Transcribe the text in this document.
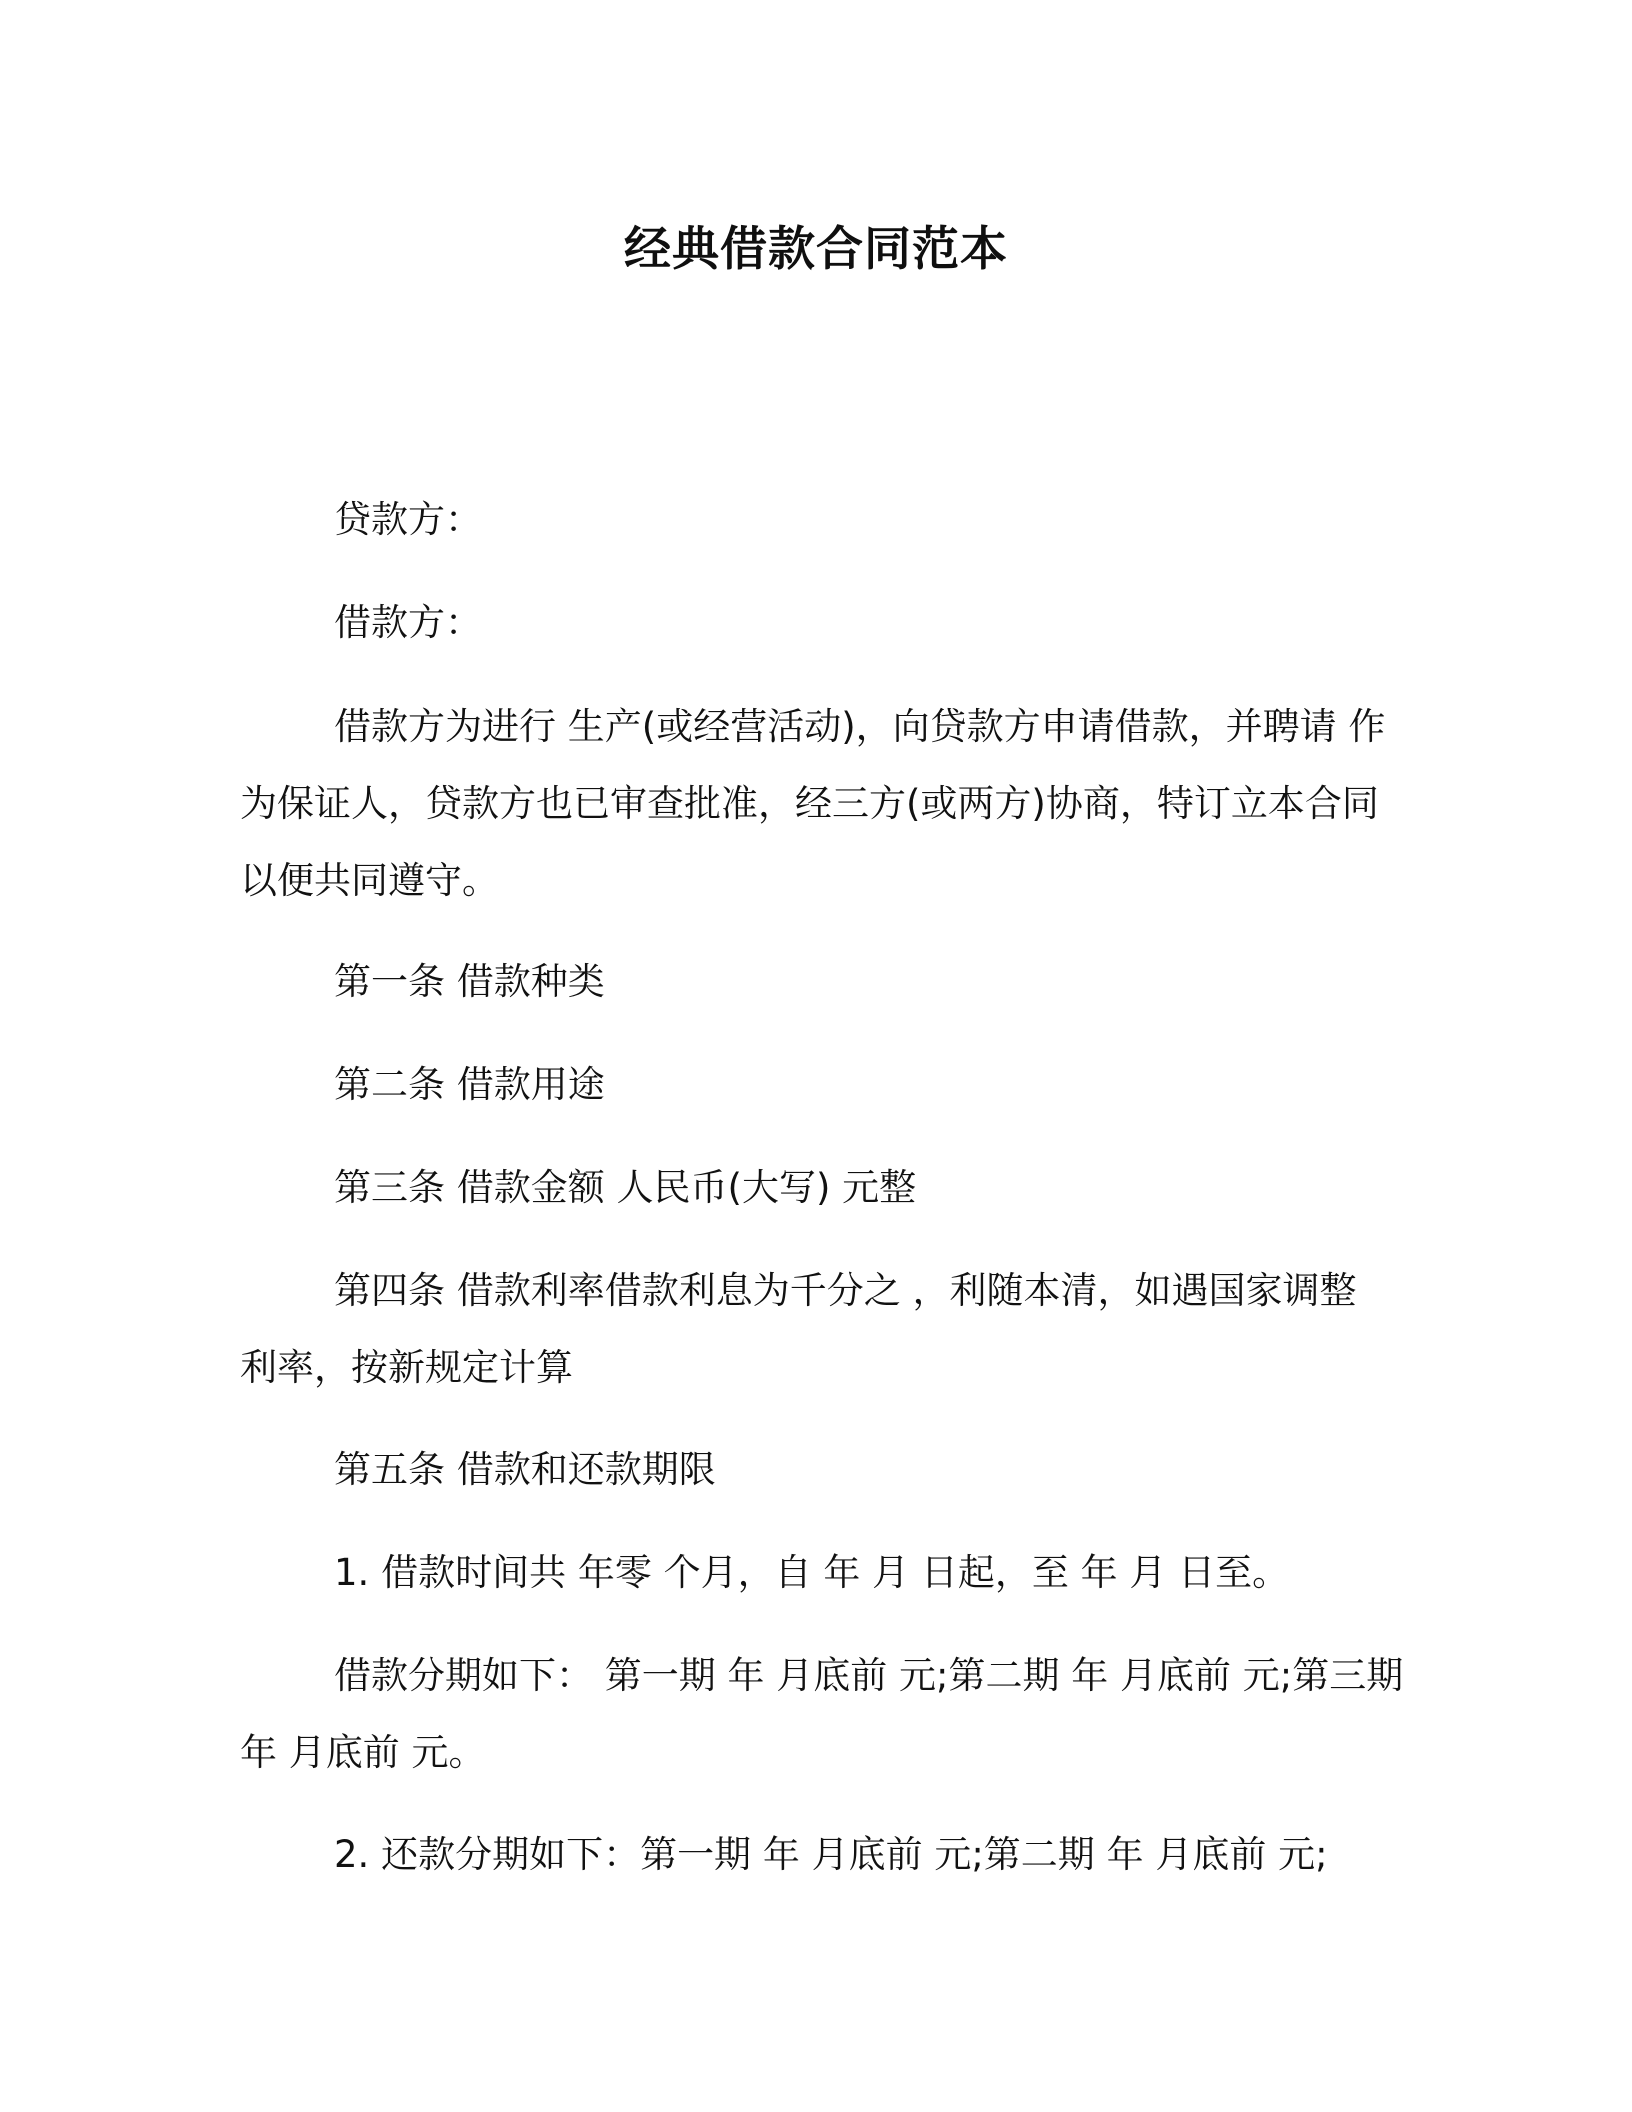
经典借款合同范本
贷款方：
借款方：
借款方为进行 生产(或经营活动)，向贷款方申请借款，并聘请 作
为保证人，贷款方也已审查批准，经三方(或两方)协商，特订立本合同
以便共同遵守。
第一条 借款种类
第二条 借款用途
第三条 借款金额 人民币(大写) 元整
第四条 借款利率借款利息为千分之 ，利随本清，如遇国家调整
利率，按新规定计算
第五条 借款和还款期限
1. 借款时间共 年零 个月，自 年 月 日起，至 年 月 日至。
借款分期如下： 第一期 年 月底前 元;第二期 年 月底前 元;第三期
年 月底前 元。
2. 还款分期如下：第一期 年 月底前 元;第二期 年 月底前 元;
